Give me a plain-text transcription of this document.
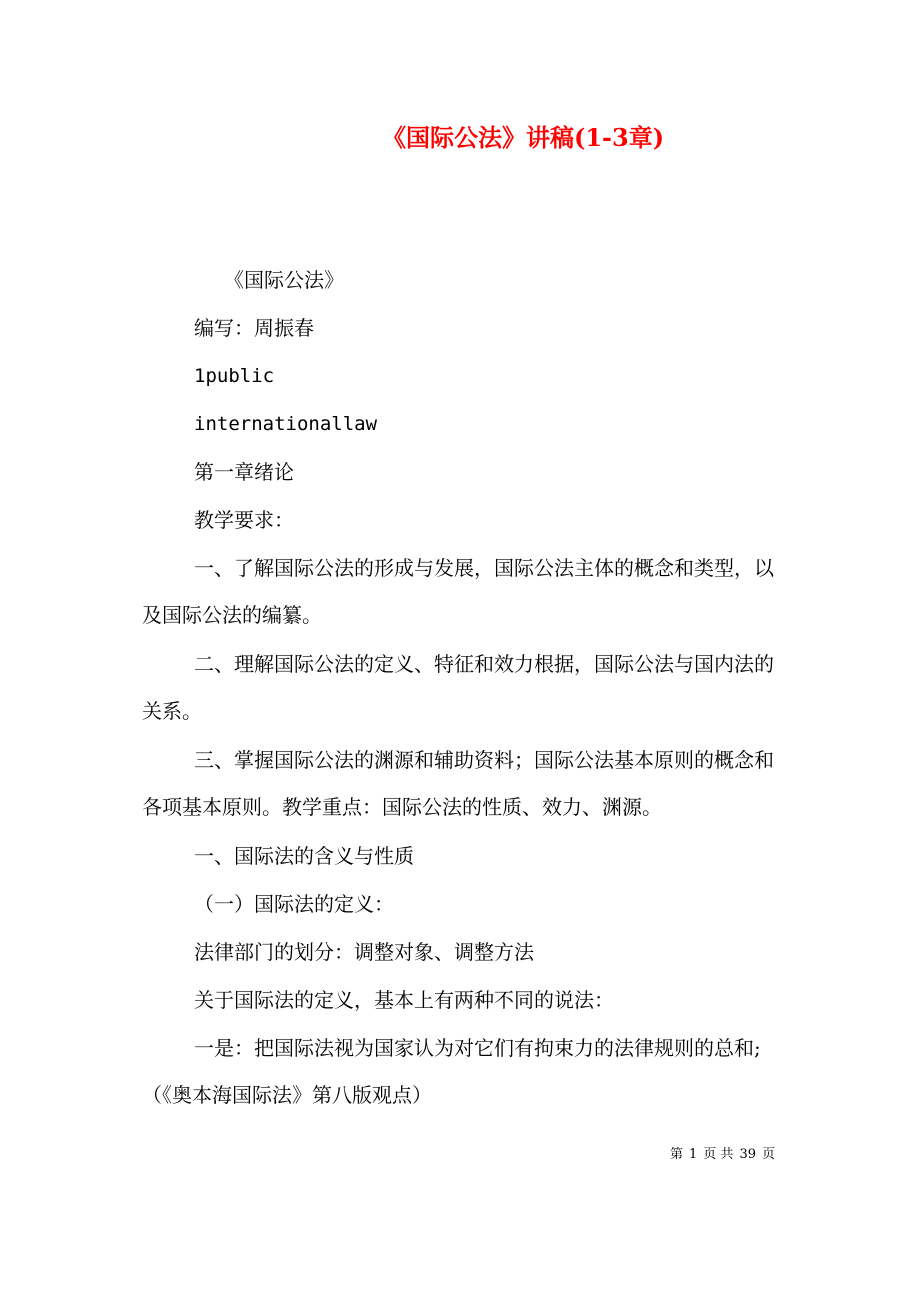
《国际公法》讲稿(1-3章)

《国际公法》

编写：周振春

1public

internationallaw

第一章绪论

教学要求：

一、了解国际公法的形成与发展，国际公法主体的概念和类型，以及国际公法的编纂。

二、理解国际公法的定义、特征和效力根据，国际公法与国内法的关系。

三、掌握国际公法的渊源和辅助资料；国际公法基本原则的概念和各项基本原则。教学重点：国际公法的性质、效力、渊源。

一、国际法的含义与性质

（一）国际法的定义：

法律部门的划分：调整对象、调整方法

关于国际法的定义，基本上有两种不同的说法：

一是：把国际法视为国家认为对它们有拘束力的法律规则的总和;（《奥本海国际法》第八版观点）

第 1 页 共 39 页
